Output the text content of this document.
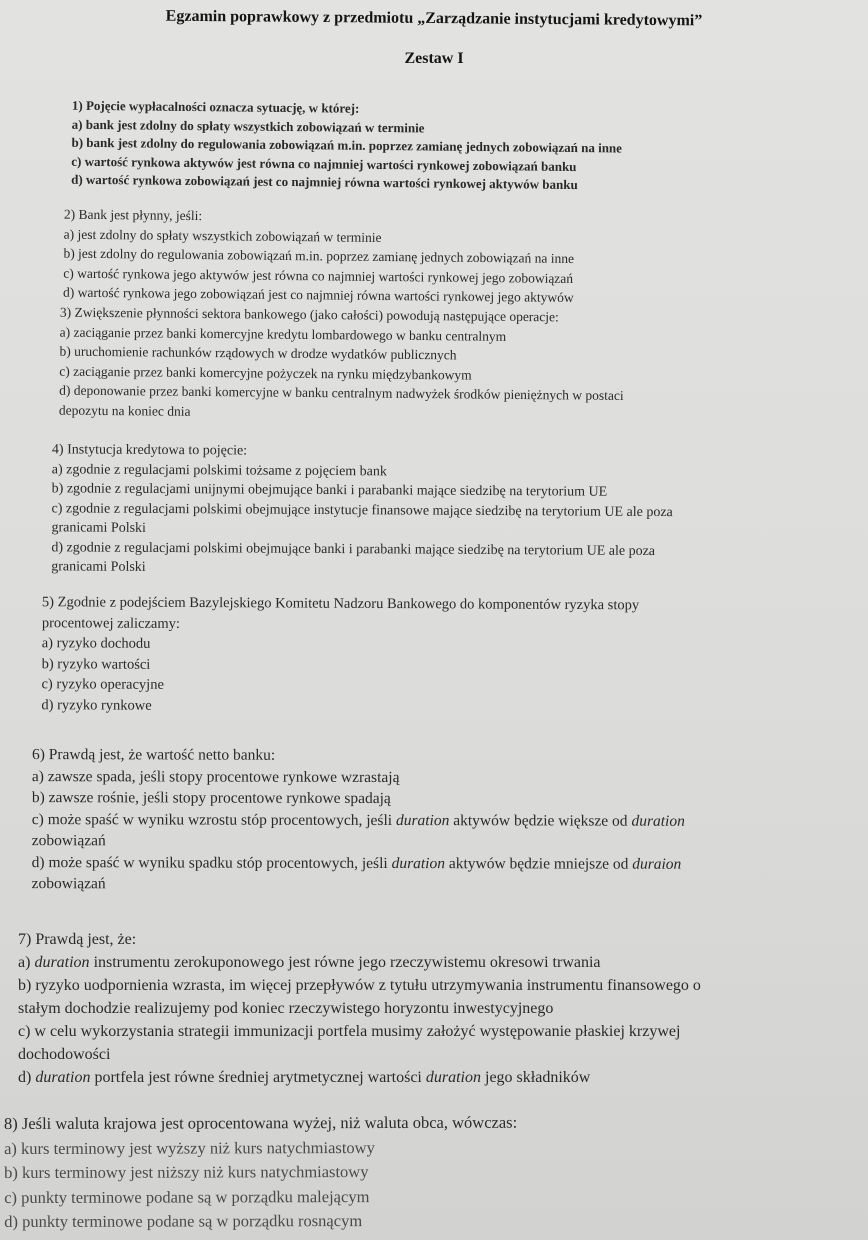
Egzamin poprawkowy z przedmiotu „Zarządzanie instytucjami kredytowymi”
Zestaw I
1) Pojęcie wypłacalności oznacza sytuację, w której:
a) bank jest zdolny do spłaty wszystkich zobowiązań w terminie
b) bank jest zdolny do regulowania zobowiązań m.in. poprzez zamianę jednych zobowiązań na inne
c) wartość rynkowa aktywów jest równa co najmniej wartości rynkowej zobowiązań banku
d) wartość rynkowa zobowiązań jest co najmniej równa wartości rynkowej aktywów banku
2) Bank jest płynny, jeśli:
a) jest zdolny do spłaty wszystkich zobowiązań w terminie
b) jest zdolny do regulowania zobowiązań m.in. poprzez zamianę jednych zobowiązań na inne
c) wartość rynkowa jego aktywów jest równa co najmniej wartości rynkowej jego zobowiązań
d) wartość rynkowa jego zobowiązań jest co najmniej równa wartości rynkowej jego aktywów
3) Zwiększenie płynności sektora bankowego (jako całości) powodują następujące operacje:
a) zaciąganie przez banki komercyjne kredytu lombardowego w banku centralnym
b) uruchomienie rachunków rządowych w drodze wydatków publicznych
c) zaciąganie przez banki komercyjne pożyczek na rynku międzybankowym
d) deponowanie przez banki komercyjne w banku centralnym nadwyżek środków pieniężnych w postaci
depozytu na koniec dnia
4) Instytucja kredytowa to pojęcie:
a) zgodnie z regulacjami polskimi tożsame z pojęciem bank
b) zgodnie z regulacjami unijnymi obejmujące banki i parabanki mające siedzibę na terytorium UE
c) zgodnie z regulacjami polskimi obejmujące instytucje finansowe mające siedzibę na terytorium UE ale poza
granicami Polski
d) zgodnie z regulacjami polskimi obejmujące banki i parabanki mające siedzibę na terytorium UE ale poza
granicami Polski
5) Zgodnie z podejściem Bazylejskiego Komitetu Nadzoru Bankowego do komponentów ryzyka stopy
procentowej zaliczamy:
a) ryzyko dochodu
b) ryzyko wartości
c) ryzyko operacyjne
d) ryzyko rynkowe
6) Prawdą jest, że wartość netto banku:
a) zawsze spada, jeśli stopy procentowe rynkowe wzrastają
b) zawsze rośnie, jeśli stopy procentowe rynkowe spadają
c) może spaść w wyniku wzrostu stóp procentowych, jeśli duration aktywów będzie większe od duration
zobowiązań
d) może spaść w wyniku spadku stóp procentowych, jeśli duration aktywów będzie mniejsze od duraion
zobowiązań
7) Prawdą jest, że:
a) duration instrumentu zerokuponowego jest równe jego rzeczywistemu okresowi trwania
b) ryzyko uodpornienia wzrasta, im więcej przepływów z tytułu utrzymywania instrumentu finansowego o
stałym dochodzie realizujemy pod koniec rzeczywistego horyzontu inwestycyjnego
c) w celu wykorzystania strategii immunizacji portfela musimy założyć występowanie płaskiej krzywej
dochodowości
d) duration portfela jest równe średniej arytmetycznej wartości duration jego składników
8) Jeśli waluta krajowa jest oprocentowana wyżej, niż waluta obca, wówczas:
a) kurs terminowy jest wyższy niż kurs natychmiastowy
b) kurs terminowy jest niższy niż kurs natychmiastowy
c) punkty terminowe podane są w porządku malejącym
d) punkty terminowe podane są w porządku rosnącym
